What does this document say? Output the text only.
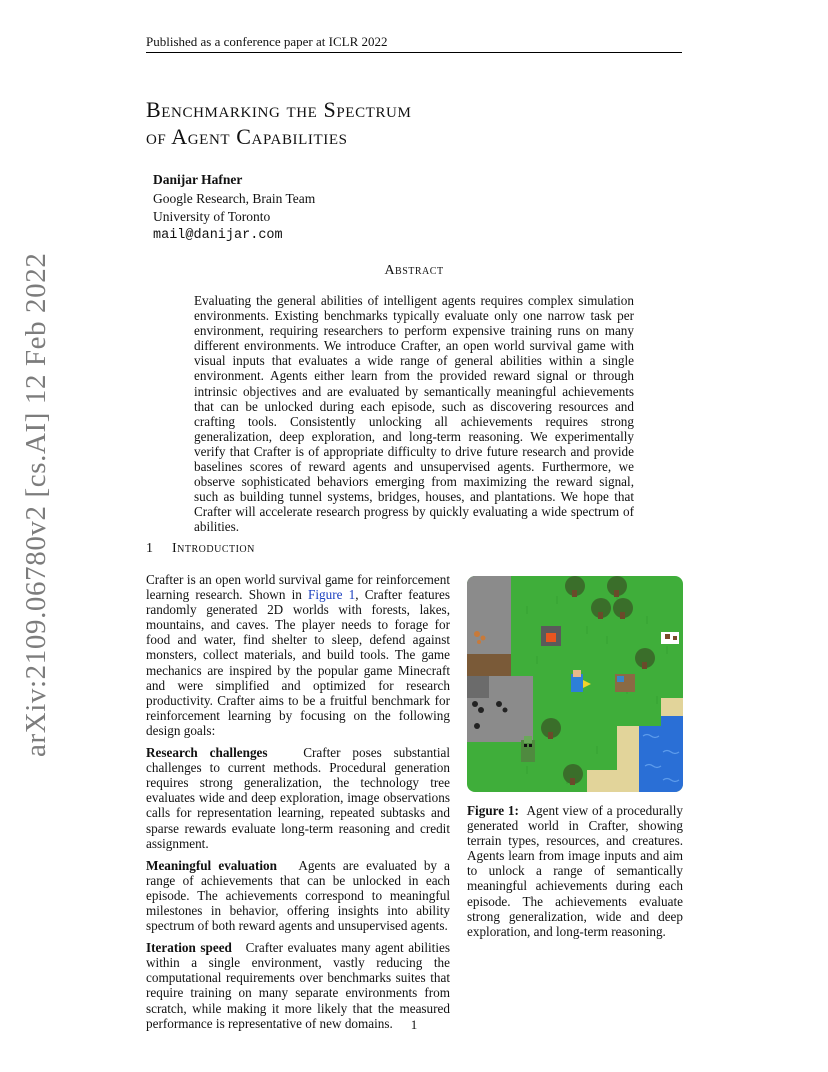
Published as a conference paper at ICLR 2022
arXiv:2109.06780v2 [cs.AI] 12 Feb 2022
Benchmarking the Spectrum
of Agent Capabilities
Danijar Hafner
Google Research, Brain Team
University of Toronto
mail@danijar.com
Abstract
Evaluating the general abilities of intelligent agents requires complex simulation environments. Existing benchmarks typically evaluate only one narrow task per environment, requiring researchers to perform expensive training runs on many different environments. We introduce Crafter, an open world survival game with visual inputs that evaluates a wide range of general abilities within a single environment. Agents either learn from the provided reward signal or through intrinsic objectives and are evaluated by semantically meaningful achievements that can be unlocked during each episode, such as discovering resources and crafting tools. Consistently unlocking all achievements requires strong generalization, deep exploration, and long-term reasoning. We experimentally verify that Crafter is of appropriate difficulty to drive future research and provide baselines scores of reward agents and unsupervised agents. Furthermore, we observe sophisticated behaviors emerging from maximizing the reward signal, such as building tunnel systems, bridges, houses, and plantations. We hope that Crafter will accelerate research progress by quickly evaluating a wide spectrum of abilities.
1 Introduction

Crafter is an open world survival game for reinforcement learning research. Shown in Figure 1, Crafter features randomly generated 2D worlds with forests, lakes, mountains, and caves. The player needs to forage for food and water, find shelter to sleep, defend against monsters, collect materials, and build tools. The game mechanics are inspired by the popular game Minecraft and were simplified and optimized for research productivity. Crafter aims to be a fruitful benchmark for reinforcement learning by focusing on the following design goals:

Research challenges	Crafter poses substantial challenges to current methods. Procedural generation requires strong generalization, the technology tree evaluates wide and deep exploration, image observations calls for representation learning, repeated subtasks and sparse rewards evaluate long-term reasoning and credit assignment.

Meaningful evaluation Agents are evaluated by a range of achievements that can be unlocked in each episode. The achievements correspond to meaningful milestones in behavior, offering insights into ability spectrum of both reward agents and unsupervised agents.

Iteration speed Crafter evaluates many agent abilities within a single environment, vastly reducing the computational requirements over benchmarks suites that require training on many separate environments from scratch, while making it more likely that the measured performance is representative of new domains.

Figure 1: Agent view of a procedurally generated world in Crafter, showing terrain types, resources, and creatures. Agents learn from image inputs and aim to unlock a range of semantically meaningful achievements during each episode. The achievements evaluate strong generalization, wide and deep exploration, and long-term reasoning.
1
